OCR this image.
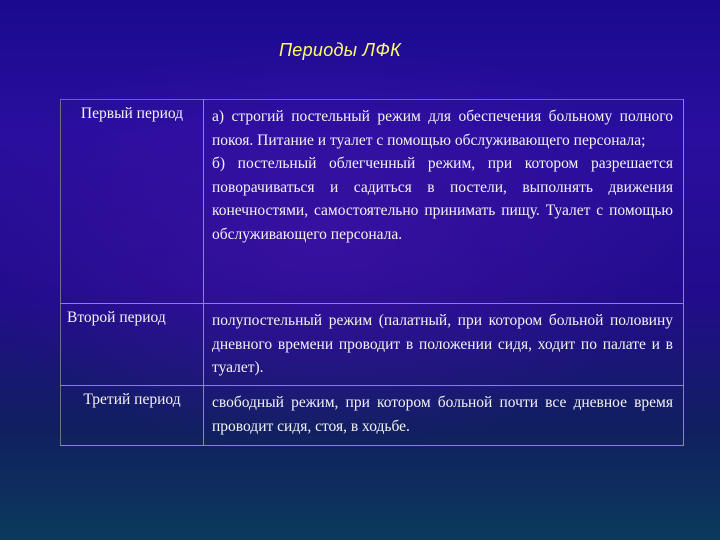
Периоды ЛФК
Первый период	а) строгий постельный режим для обеспечения больному полного покоя. Питание и туалет с помощью обслуживающего персонала;

б) постельный облегченный режим, при котором разрешается поворачиваться и садиться в постели, выполнять движения конечностями, самостоятельно принимать пищу. Туалет с помощью обслуживающего персонала.

Второй период	полупостельный режим (палатный, при котором больной половину дневного времени проводит в положении сидя, ходит по палате и в туалет).

Третий период	свободный режим, при котором больной почти все дневное время проводит сидя, стоя, в ходьбе.
